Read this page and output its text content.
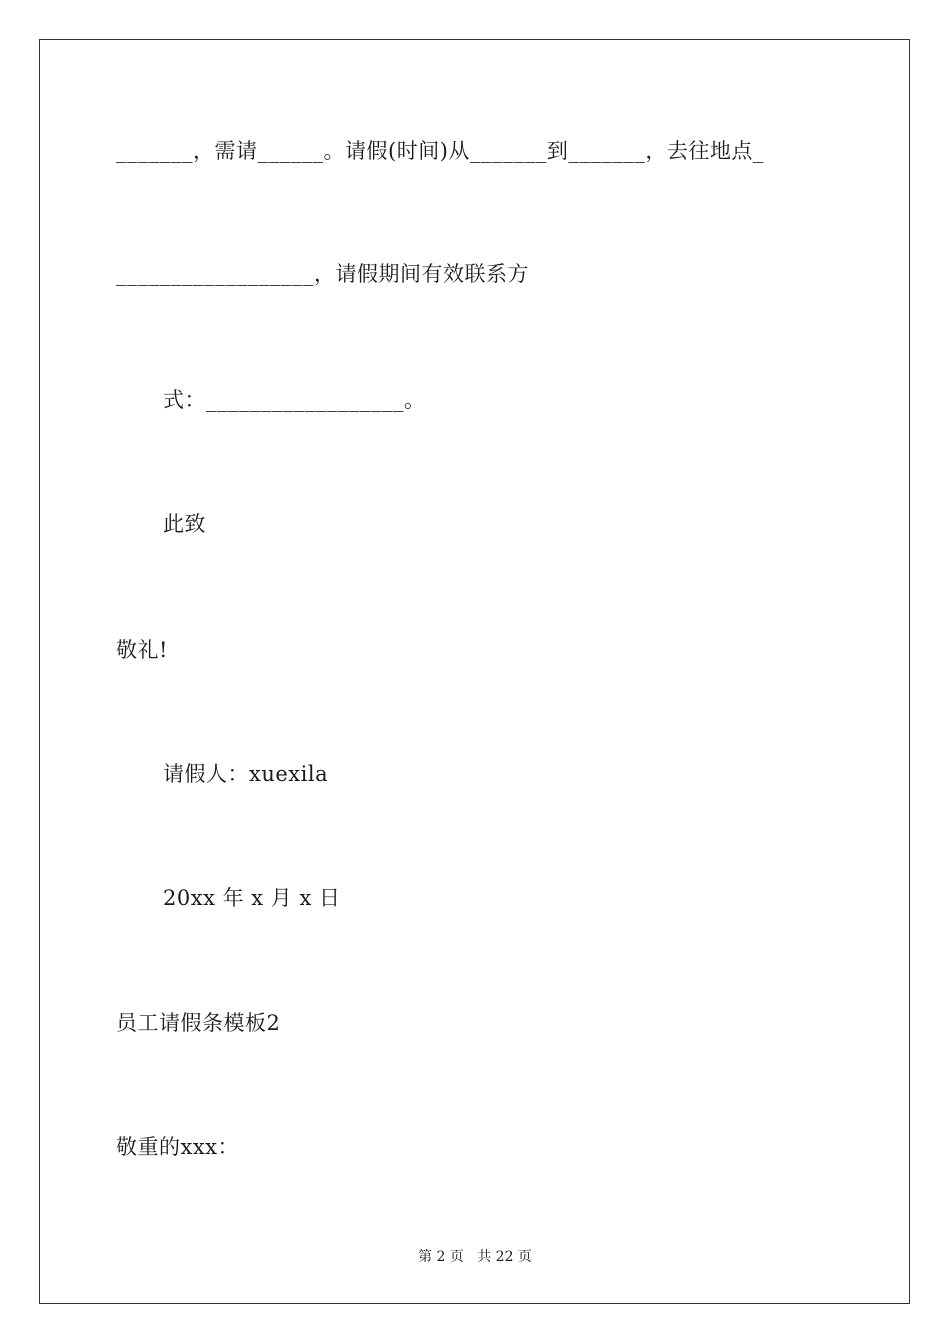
_______，需请______。请假(时间)从_______到_______，去往地点_
__________________，请假期间有效联系方
式：__________________。
此致
敬礼!
请假人：xuexila
20xx 年 x 月 x 日
员工请假条模板2
敬重的xxx：
第 2 页   共 22 页
